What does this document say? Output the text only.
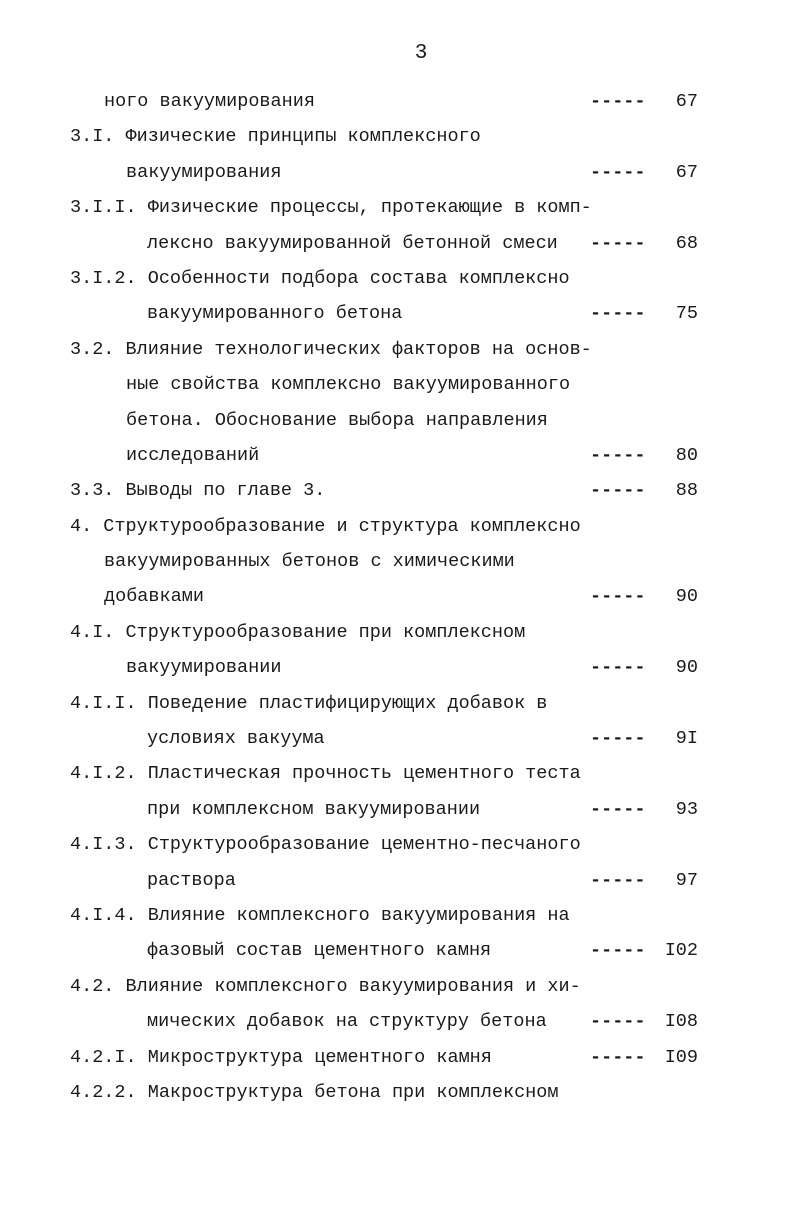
3
ного вакуумирования	----- 67
3.I. Физические принципы комплексного
вакуумирования	----- 67
3.I.I. Физические процессы, протекающие в комп-
лексно вакуумированной бетонной смеси ----- 68
3.I.2. Особенности подбора состава комплексно
вакуумированного бетона	----- 75
3.2. Влияние технологических факторов на основ-
ные свойства комплексно вакуумированного
бетона. Обоснование выбора направления
исследований	----- 80
3.3. Выводы по главе 3.	----- 88
4. Структурообразование и структура комплексно
вакуумированных бетонов с химическими
добавками	----- 90
4.I. Структурообразование при комплексном
вакуумировании	----- 90
4.I.I. Поведение пластифицирующих добавок в
условиях вакуума	----- 9I
4.I.2. Пластическая прочность цементного теста
при комплексном вакуумировании	----- 93
4.I.3. Структурообразование цементно-песчаного
раствора	----- 97
4.I.4. Влияние комплексного вакуумирования на
фазовый состав цементного камня	----- I02
4.2. Влияние комплексного вакуумирования и хи-
мических добавок на структуру бетона ----- I08
4.2.I. Микроструктура цементного камня	----- I09
4.2.2. Макроструктура бетона при комплексном
